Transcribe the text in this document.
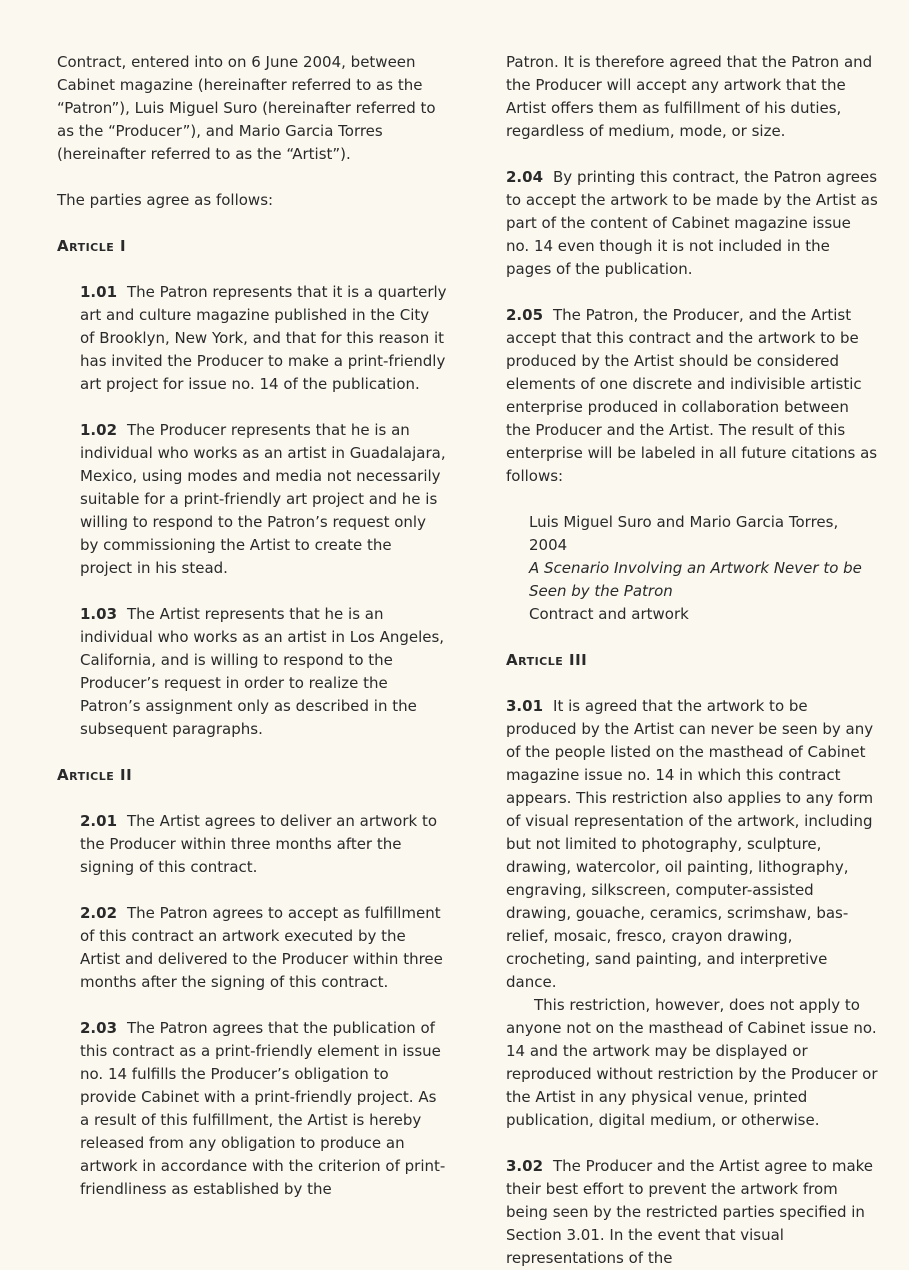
Contract, entered into on 6 June 2004, between Cabinet magazine (hereinafter referred to as the “Patron”), Luis Miguel Suro (hereinafter referred to as the “Producer”), and Mario Garcia Torres (hereinafter referred to as the “Artist”).

The parties agree as follows:

Article I

1.01 The Patron represents that it is a quarterly art and culture magazine published in the City of Brooklyn, New York, and that for this reason it has invited the Producer to make a print-friendly art project for issue no. 14 of the publication.

1.02 The Producer represents that he is an individual who works as an artist in Guadalajara, Mexico, using modes and media not necessarily suitable for a print-friendly art project and he is willing to respond to the Patron’s request only by commissioning the Artist to create the project in his stead.

1.03 The Artist represents that he is an individual who works as an artist in Los Angeles, California, and is willing to respond to the Producer’s request in order to realize the Patron’s assignment only as described in the subsequent paragraphs.

Article II

2.01 The Artist agrees to deliver an artwork to the Producer within three months after the signing of this contract.

2.02 The Patron agrees to accept as fulfillment of this contract an artwork executed by the Artist and delivered to the Producer within three months after the signing of this contract.

2.03 The Patron agrees that the publication of this contract as a print-friendly element in issue no. 14 fulfills the Producer’s obligation to provide Cabinet with a print-friendly project. As a result of this fulfillment, the Artist is hereby released from any obligation to produce an artwork in accordance with the criterion of print-friendliness as established by the

Patron. It is therefore agreed that the Patron and the Producer will accept any artwork that the Artist offers them as fulfillment of his duties, regardless of medium, mode, or size.

2.04 By printing this contract, the Patron agrees to accept the artwork to be made by the Artist as part of the content of Cabinet magazine issue no. 14 even though it is not included in the pages of the publication.

2.05 The Patron, the Producer, and the Artist accept that this contract and the artwork to be produced by the Artist should be considered elements of one discrete and indivisible artistic enterprise produced in collaboration between the Producer and the Artist. The result of this enterprise will be labeled in all future citations as follows:

Luis Miguel Suro and Mario Garcia Torres, 2004
A Scenario Involving an Artwork Never to be Seen by the Patron
Contract and artwork
Article III

3.01 It is agreed that the artwork to be produced by the Artist can never be seen by any of the people listed on the masthead of Cabinet magazine issue no. 14 in which this contract appears. This restriction also applies to any form of visual representation of the artwork, including but not limited to photography, sculpture, drawing, watercolor, oil painting, lithography, engraving, silkscreen, computer-assisted drawing, gouache, ceramics, scrimshaw, bas-relief, mosaic, fresco, crayon drawing, crocheting, sand painting, and interpretive dance.

This restriction, however, does not apply to anyone not on the masthead of Cabinet issue no. 14 and the artwork may be displayed or reproduced without restriction by the Producer or the Artist in any physical venue, printed publication, digital medium, or otherwise.

3.02 The Producer and the Artist agree to make their best effort to prevent the artwork from being seen by the restricted parties specified in Section 3.01. In the event that visual representations of the
